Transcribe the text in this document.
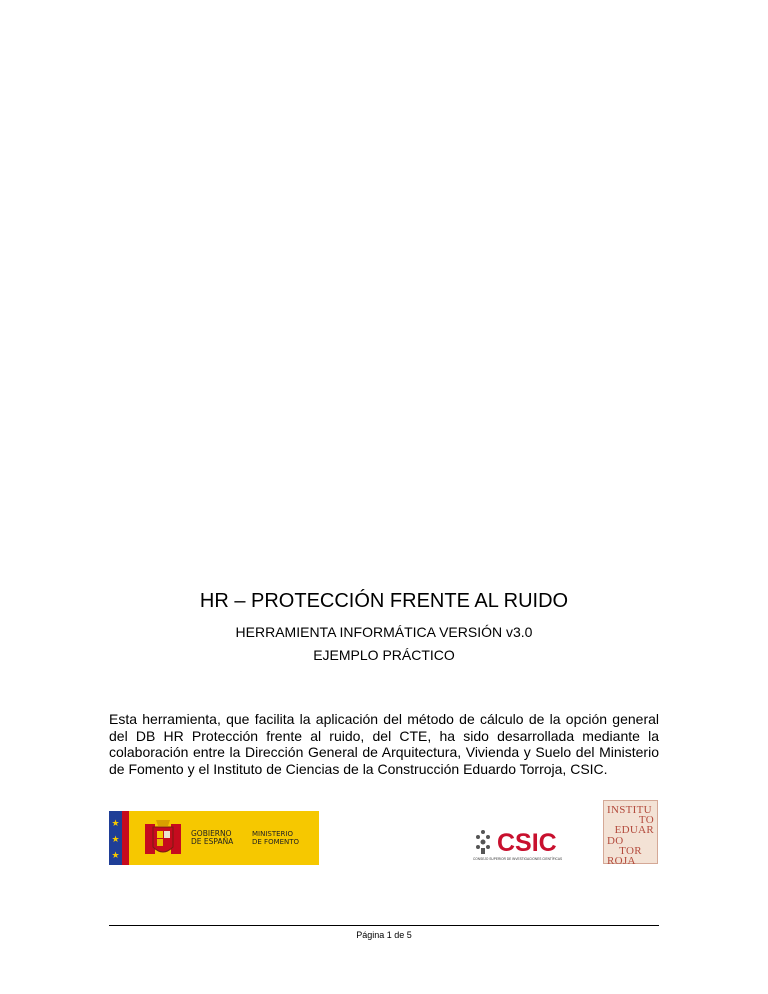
HR – PROTECCIÓN FRENTE AL RUIDO
HERRAMIENTA INFORMÁTICA VERSIÓN v3.0
EJEMPLO PRÁCTICO
Esta herramienta, que facilita la aplicación del método de cálculo de la opción general del DB HR Protección frente al ruido, del CTE, ha sido desarrollada mediante la colaboración entre la Dirección General de Arquitectura, Vivienda y Suelo del Ministerio de Fomento y el Instituto de Ciencias de la Construcción Eduardo Torroja, CSIC.
★
★
★
GOBIERNO
DE ESPAÑA
MINISTERIO
DE FOMENTO	CSIC
CONSEJO SUPERIOR DE INVESTIGACIONES CIENTÍFICAS
INSTITU
TO
EDUAR
DO
TOR
ROJA
Página 1 de 5
